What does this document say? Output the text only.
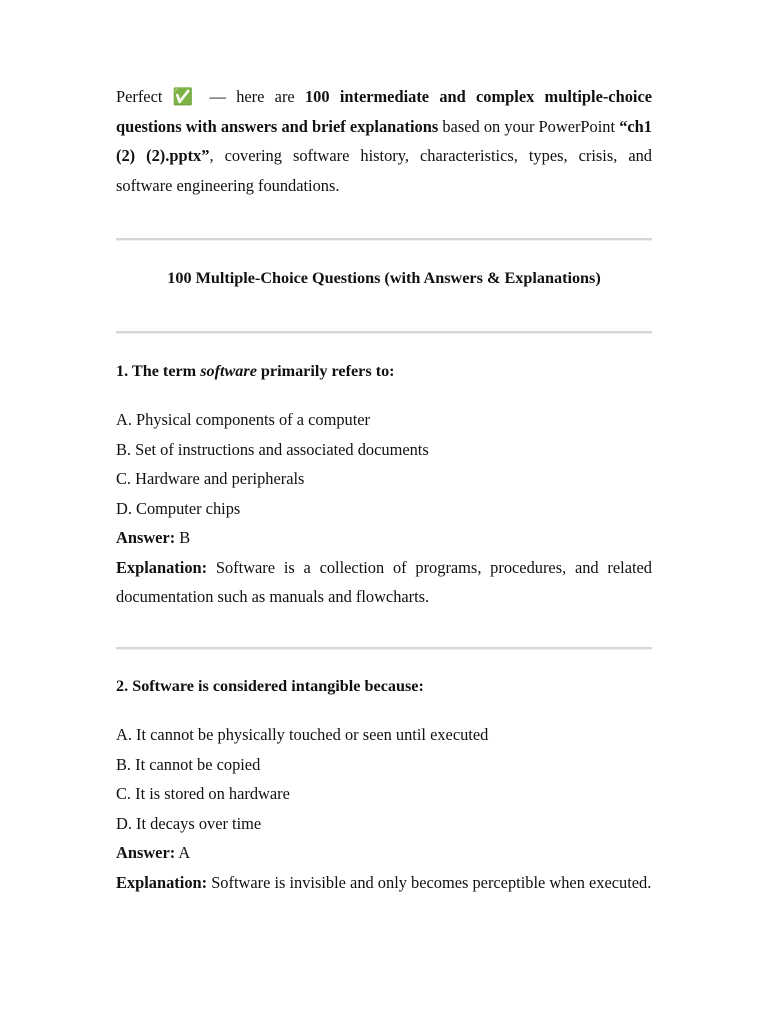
Perfect ✅ — here are 100 intermediate and complex multiple-choice questions with answers and brief explanations based on your PowerPoint “ch1 (2) (2).pptx”, covering software history, characteristics, types, crisis, and software engineering foundations.

100 Multiple-Choice Questions (with Answers & Explanations)

1. The term software primarily refers to:

A. Physical components of a computer
B. Set of instructions and associated documents
C. Hardware and peripherals
D. Computer chips
Answer: B
Explanation: Software is a collection of programs, procedures, and related documentation such as manuals and flowcharts.

2. Software is considered intangible because:

A. It cannot be physically touched or seen until executed
B. It cannot be copied
C. It is stored on hardware
D. It decays over time
Answer: A
Explanation: Software is invisible and only becomes perceptible when executed.
